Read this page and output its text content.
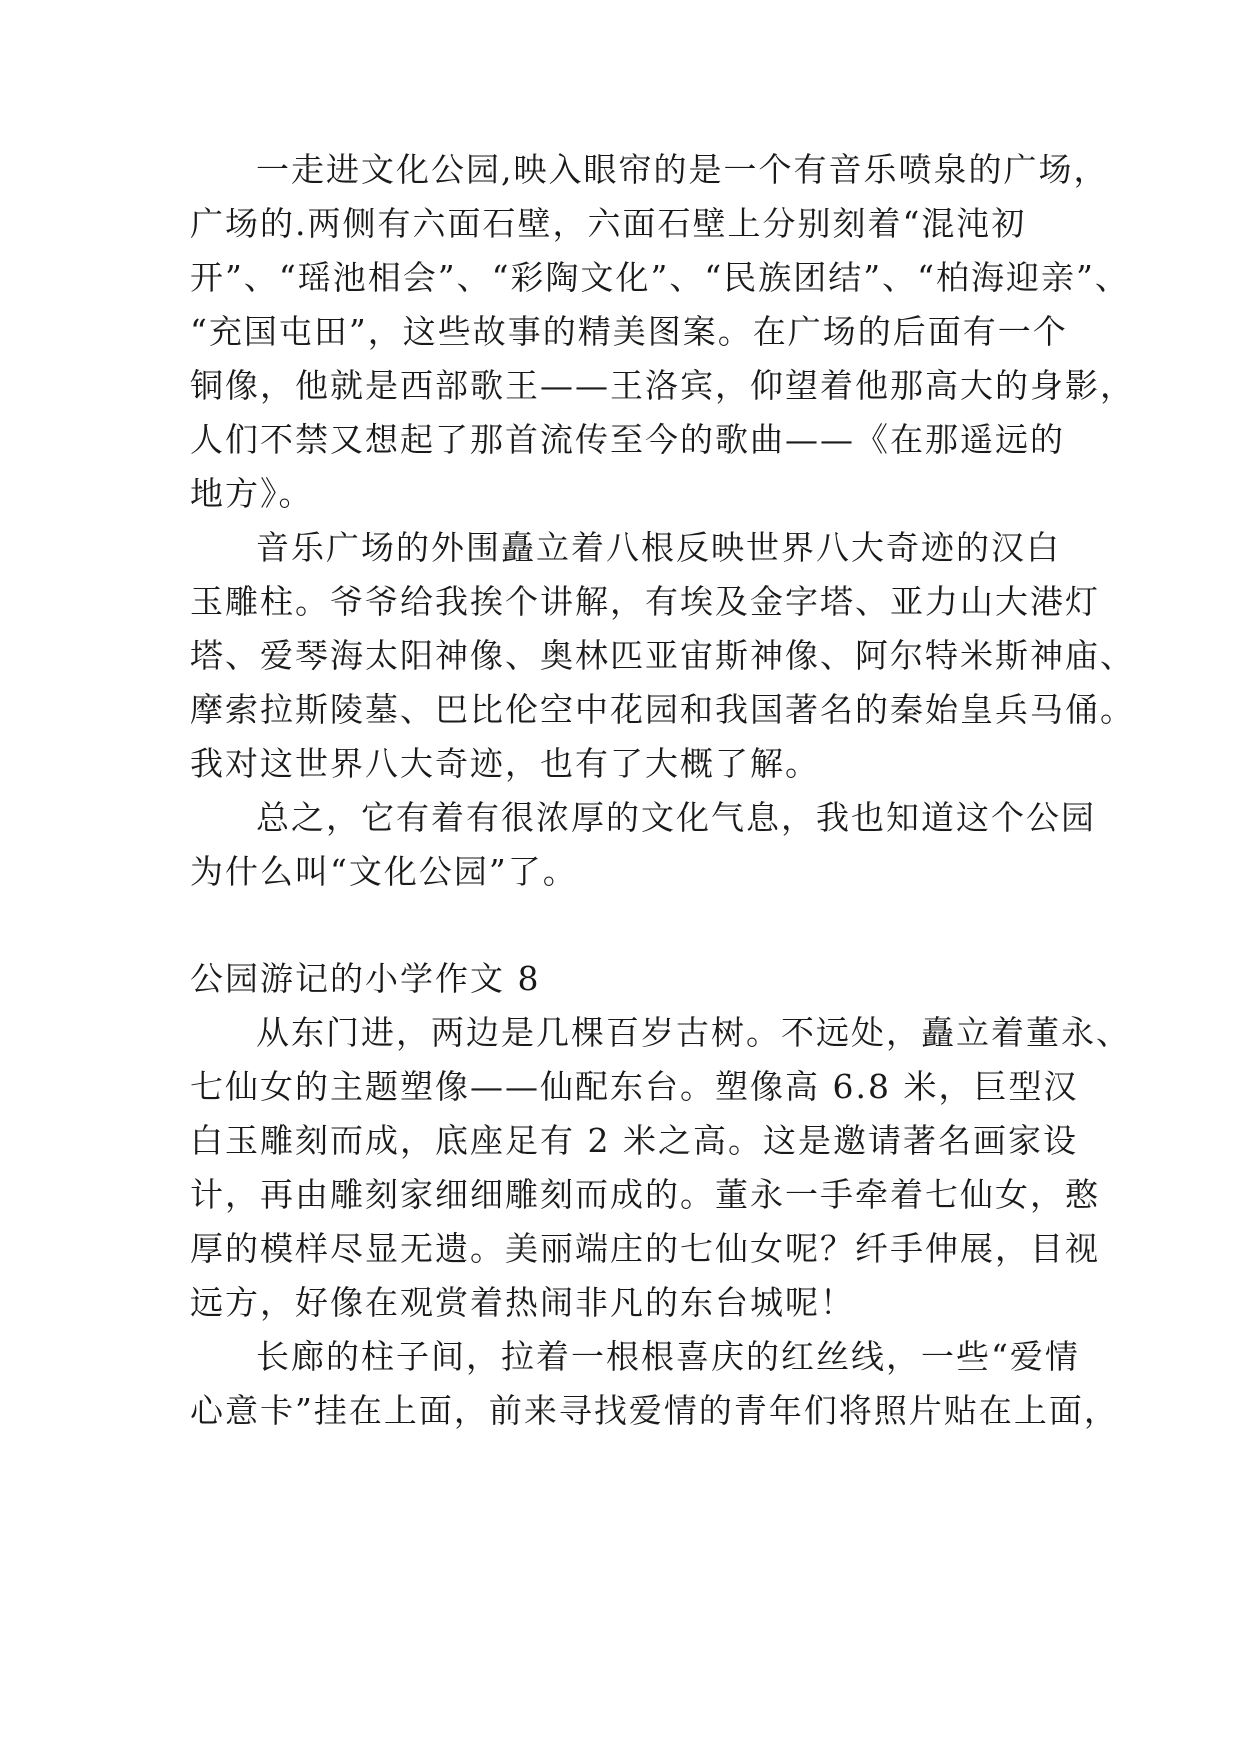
一走进文化公园,映入眼帘的是一个有音乐喷泉的广场，
广场的.两侧有六面石壁，六面石壁上分别刻着“混沌初
开”、“瑶池相会”、“彩陶文化”、“民族团结”、“柏海迎亲”、
“充国屯田”，这些故事的精美图案。在广场的后面有一个
铜像，他就是西部歌王——王洛宾，仰望着他那高大的身影，
人们不禁又想起了那首流传至今的歌曲——《在那遥远的
地方》。
音乐广场的外围矗立着八根反映世界八大奇迹的汉白
玉雕柱。爷爷给我挨个讲解，有埃及金字塔、亚力山大港灯
塔、爱琴海太阳神像、奥林匹亚宙斯神像、阿尔特米斯神庙、
摩索拉斯陵墓、巴比伦空中花园和我国著名的秦始皇兵马俑。
我对这世界八大奇迹，也有了大概了解。
总之，它有着有很浓厚的文化气息，我也知道这个公园
为什么叫“文化公园”了。
公园游记的小学作文 8
从东门进，两边是几棵百岁古树。不远处，矗立着董永、
七仙女的主题塑像——仙配东台。塑像高 6.8 米，巨型汉
白玉雕刻而成，底座足有 2 米之高。这是邀请著名画家设
计，再由雕刻家细细雕刻而成的。董永一手牵着七仙女，憨
厚的模样尽显无遗。美丽端庄的七仙女呢？纤手伸展，目视
远方，好像在观赏着热闹非凡的东台城呢！
长廊的柱子间，拉着一根根喜庆的红丝线，一些“爱情
心意卡”挂在上面，前来寻找爱情的青年们将照片贴在上面，
